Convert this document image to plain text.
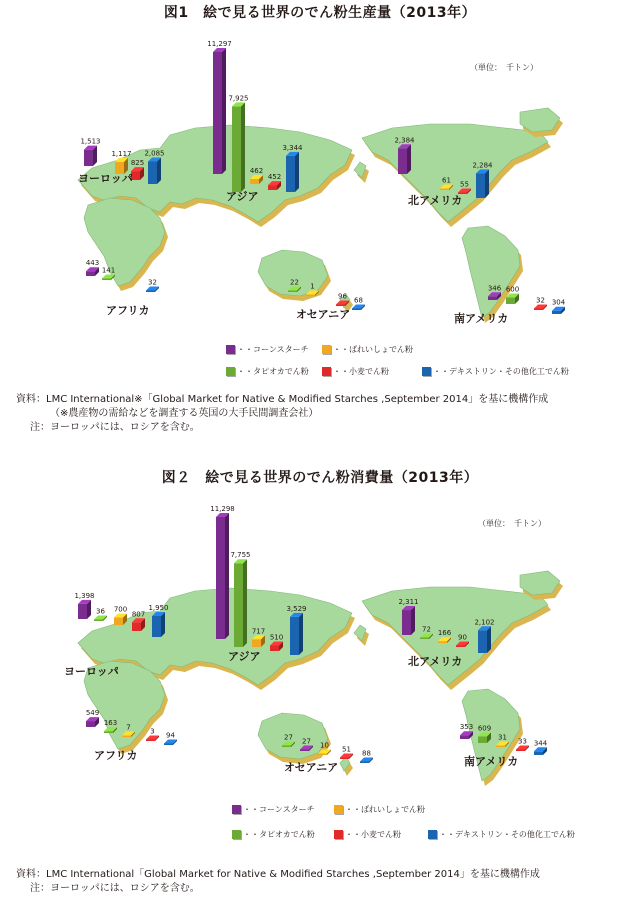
図1　絵で見る世界のでん粉生産量（2013年）
（単位：　千トン）
1,513
1,117
825
2,085
11,297
462
452
7,925
3,344
2,384
61 55
2,284
443
141
32	22 1
96 68
346 600
32 304
ヨーロッパ
アジア	北アメリカ
アフリカ	オセアニア	南アメリカ
・・コーンスターチ	・・ばれいしょでん粉
・・タピオカでん粉	・・小麦でん粉	・・デキストリン・その他化工でん粉
資料：LMC International※「Global Market for Native & Modified Starches ,September 2014」を基に機構作成
（※農産物の需給などを調査する英国の大手民間調査会社）
注：ヨーロッパには、ロシアを含む。
図２　絵で見る世界のでん粉消費量（2013年）
（単位：　千トン）
1,398
36 700
807
1,950
11,298
7,755
717
510
3,529
2,311
72 166
90
2,102
549
163
7	3 94	27 27 10 51 88
353 609
31 33 344
ヨーロッパ
アジア	北アメリカ
アフリカ
オセアニア	南アメリカ
・・コーンスターチ	・・ばれいしょでん粉
・・タピオカでん粉	・・小麦でん粉	・・デキストリン・その他化工でん粉
資料：LMC International「Global Market for Native & Modified Starches ,September 2014」を基に機構作成
注：ヨーロッパには、ロシアを含む。
